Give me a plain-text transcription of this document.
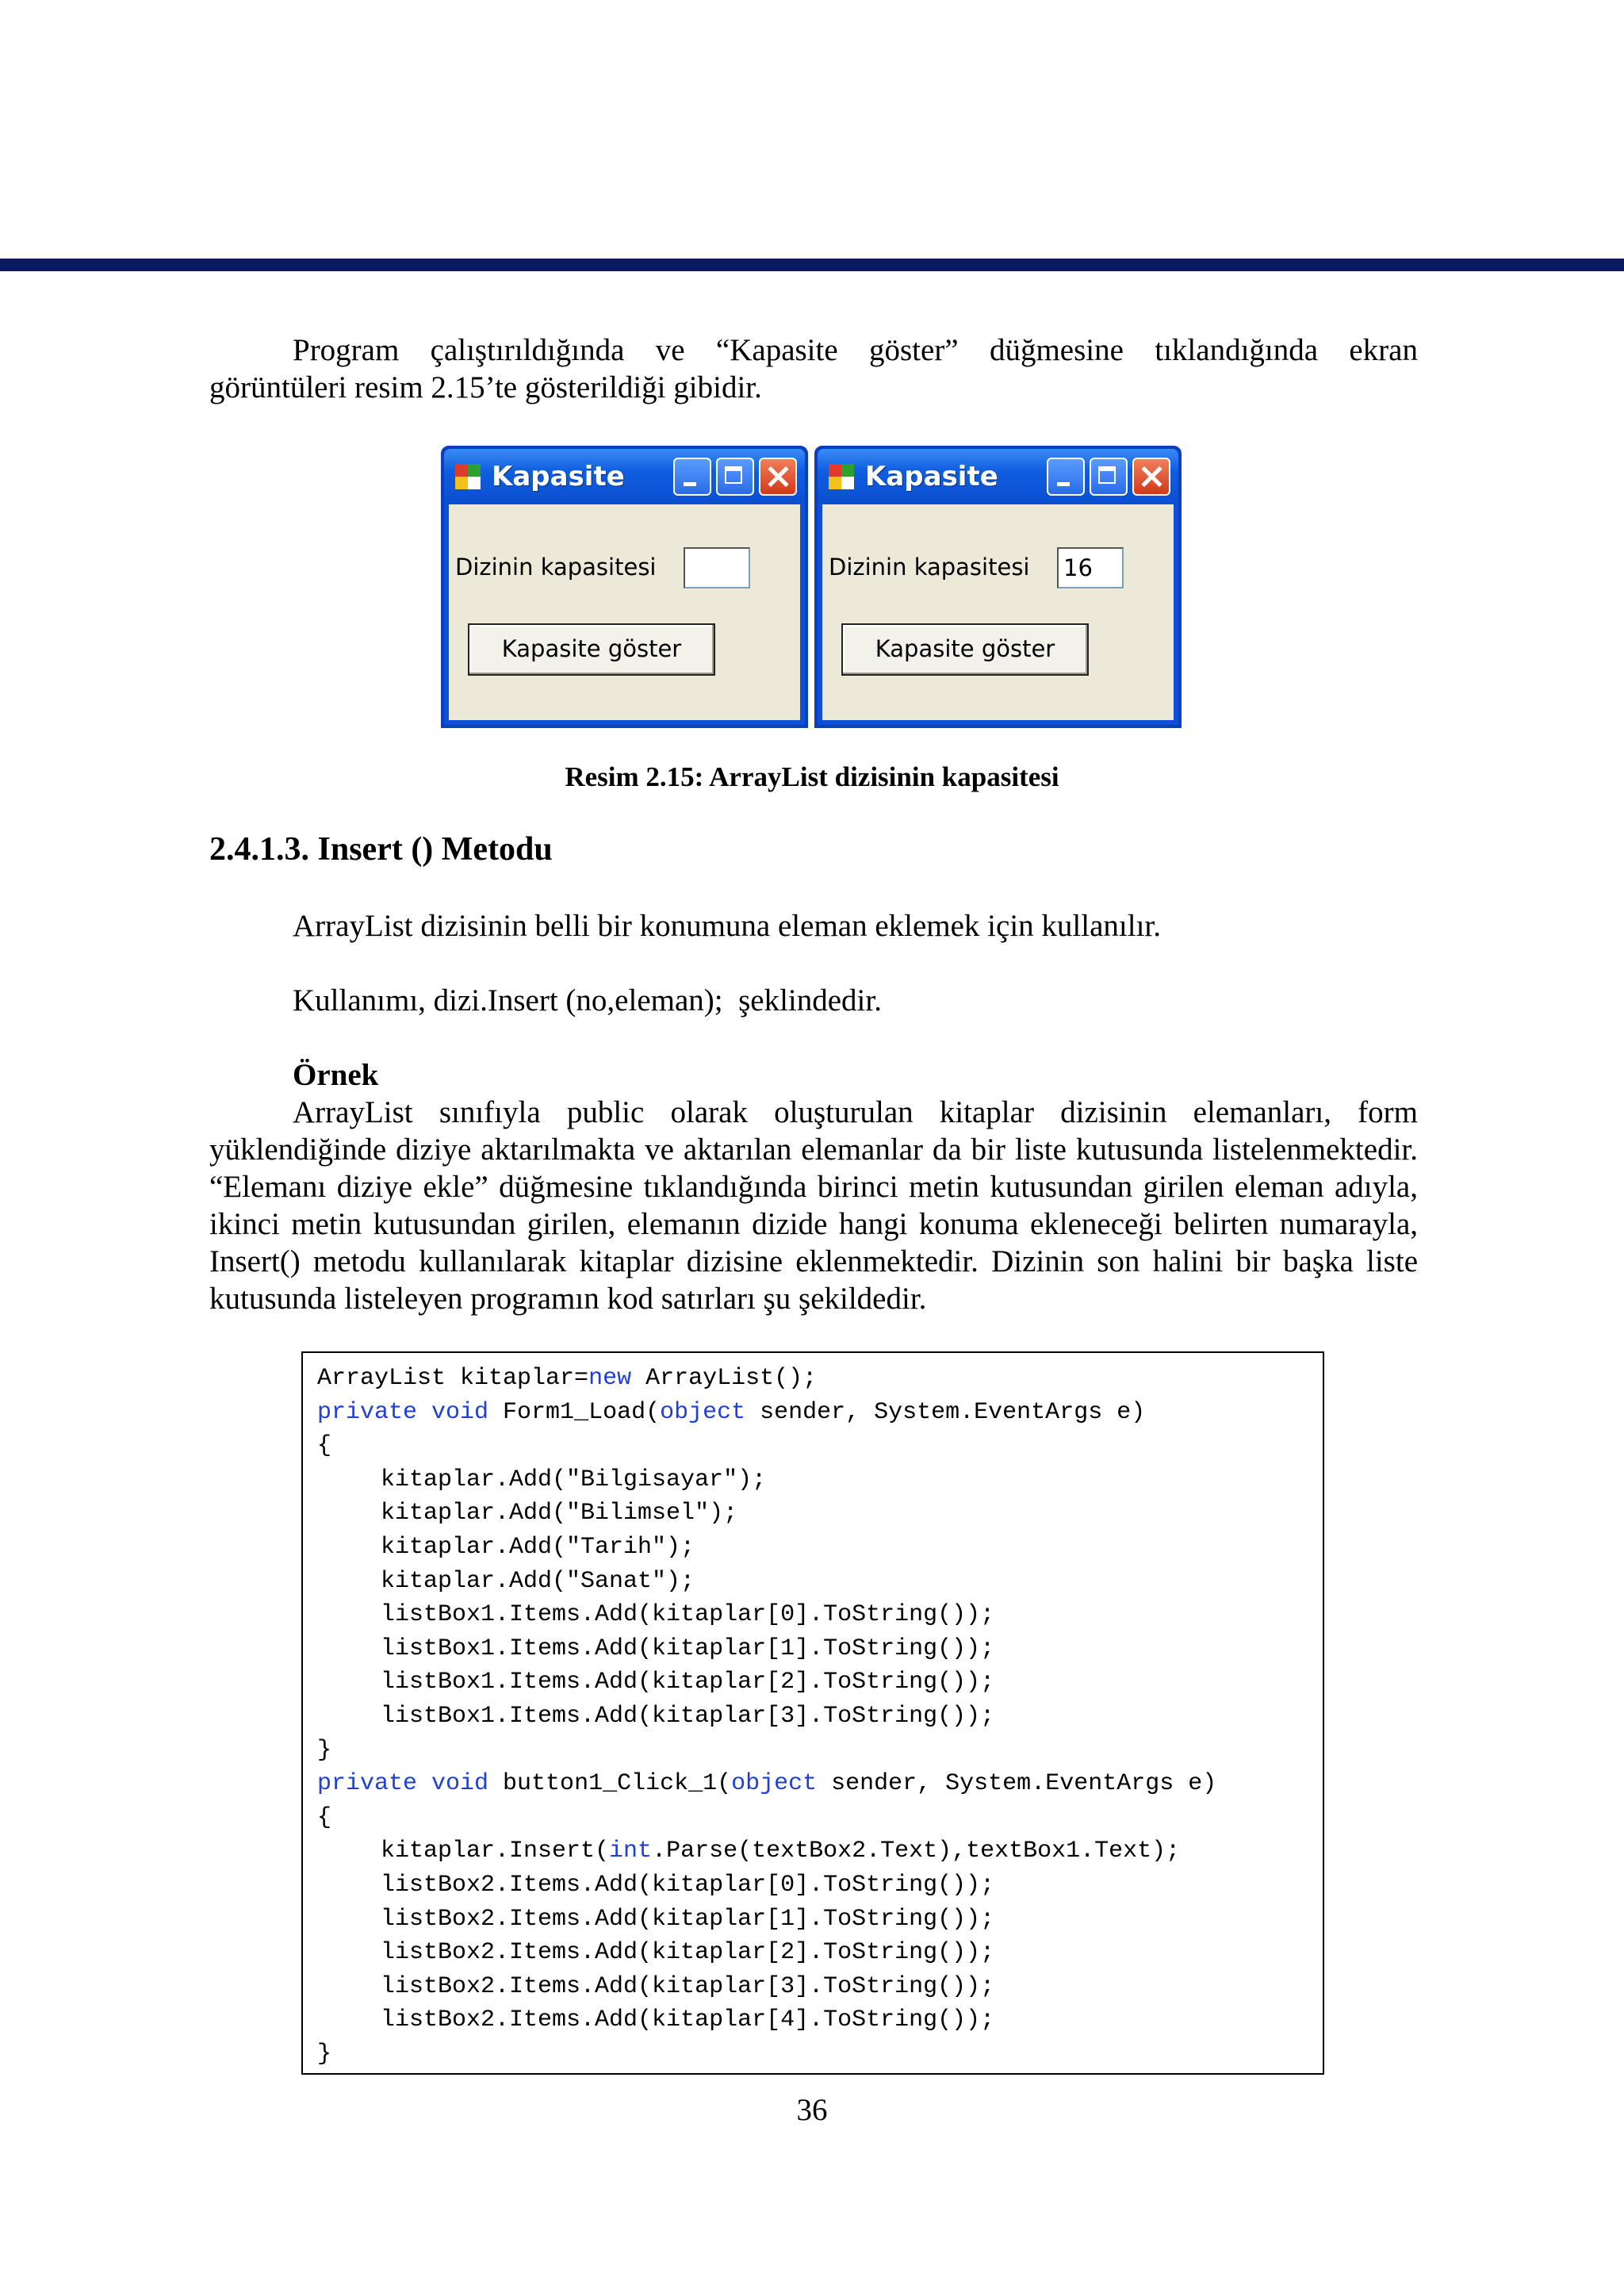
Program çalıştırıldığında ve “Kapasite göster” düğmesine tıklandığında ekran

görüntüleri resim 2.15’te gösterildiği gibidir.

Kapasite
Dizinin kapasitesi
Kapasite göster
Kapasite
Dizinin kapasitesi 16
Kapasite göster
Resim 2.15: ArrayList dizisinin kapasitesi
2.4.1.3. Insert () Metodu

ArrayList dizisinin belli bir konumuna eleman eklemek için kullanılır.

Kullanımı, dizi.Insert (no,eleman);  şeklindedir.

Örnek

ArrayList sınıfıyla public olarak oluşturulan kitaplar dizisinin elemanları, form yüklendiğinde diziye aktarılmakta ve aktarılan elemanlar da bir liste kutusunda listelenmektedir. “Elemanı diziye ekle” düğmesine tıklandığında birinci metin kutusundan girilen eleman adıyla, ikinci metin kutusundan girilen, elemanın dizide hangi konuma ekleneceği belirten numarayla, Insert() metodu kullanılarak kitaplar dizisine eklenmektedir. Dizinin son halini bir başka liste kutusunda listeleyen programın kod satırları şu şekildedir.

ArrayList kitaplar=new ArrayList();
private void Form1_Load(object sender, System.EventArgs e)
{
kitaplar.Add("Bilgisayar");
kitaplar.Add("Bilimsel");
kitaplar.Add("Tarih");
kitaplar.Add("Sanat");
listBox1.Items.Add(kitaplar[0].ToString());
listBox1.Items.Add(kitaplar[1].ToString());
listBox1.Items.Add(kitaplar[2].ToString());
listBox1.Items.Add(kitaplar[3].ToString());
}
private void button1_Click_1(object sender, System.EventArgs e)
{
kitaplar.Insert(int.Parse(textBox2.Text),textBox1.Text);
listBox2.Items.Add(kitaplar[0].ToString());
listBox2.Items.Add(kitaplar[1].ToString());
listBox2.Items.Add(kitaplar[2].ToString());
listBox2.Items.Add(kitaplar[3].ToString());
listBox2.Items.Add(kitaplar[4].ToString());
}
36
